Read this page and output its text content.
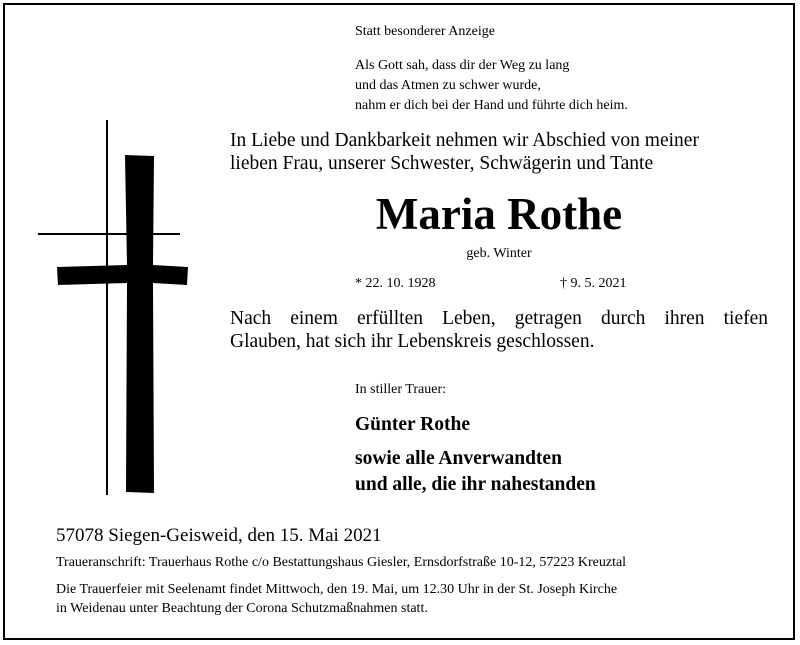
Statt besonderer Anzeige
Als Gott sah, dass dir der Weg zu lang
und das Atmen zu schwer wurde,
nahm er dich bei der Hand und führte dich heim.
In Liebe und Dankbarkeit nehmen wir Abschied von meiner
lieben Frau, unserer Schwester, Schwägerin und Tante
Maria Rothe
geb. Winter
* 22. 10. 1928	† 9. 5. 2021
Nach einem erfüllten Leben, getragen durch ihren tiefen
Glauben, hat sich ihr Lebenskreis geschlossen.
In stiller Trauer:
Günter Rothe
sowie alle Anverwandten
und alle, die ihr nahestanden
57078 Siegen-Geisweid, den 15. Mai 2021
Traueranschrift: Trauerhaus Rothe c/o Bestattungshaus Giesler, Ernsdorfstraße 10-12, 57223 Kreuztal
Die Trauerfeier mit Seelenamt findet Mittwoch, den 19. Mai, um 12.30 Uhr in der St. Joseph Kirche
in Weidenau unter Beachtung der Corona Schutzmaßnahmen statt.
